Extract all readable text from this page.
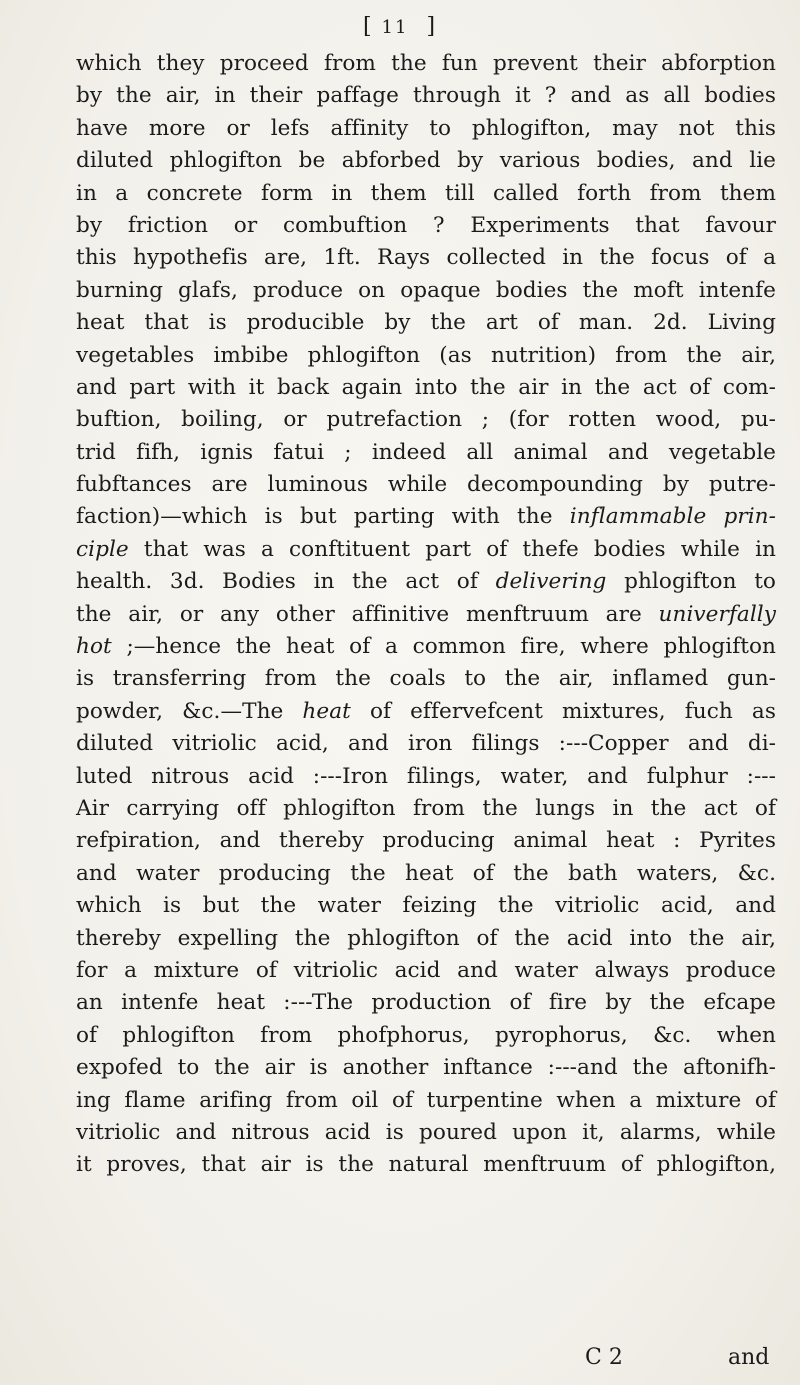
[ 11 ]
which they proceed from the fun prevent their abforption
by the air, in their paffage through it ? and as all bodies
have more or lefs affinity to phlogifton, may not this
diluted phlogifton be abforbed by various bodies, and lie
in a concrete form in them till called forth from them
by friction or combuftion ? Experiments that favour
this hypothefis are, 1ft. Rays collected in the focus of a
burning glafs, produce on opaque bodies the moft intenfe
heat that is producible by the art of man. 2d. Living
vegetables imbibe phlogifton (as nutrition) from the air,
and part with it back again into the air in the act of com-
buftion, boiling, or putrefaction ; (for rotten wood, pu-
trid fifh, ignis fatui ; indeed all animal and vegetable
fubftances are luminous while decompounding by putre-
faction)—which is but parting with the inflammable prin-
ciple that was a conftituent part of thefe bodies while in
health. 3d. Bodies in the act of delivering phlogifton to
the air, or any other affinitive menftruum are univerfally
hot ;—hence the heat of a common fire, where phlogifton
is transferring from the coals to the air, inflamed gun-
powder, &c.—The heat of effervefcent mixtures, fuch as
diluted vitriolic acid, and iron filings :---Copper and di-
luted nitrous acid :---Iron filings, water, and fulphur :---
Air carrying off phlogifton from the lungs in the act of
refpiration, and thereby producing animal heat : Pyrites
and water producing the heat of the bath waters, &c.
which is but the water feizing the vitriolic acid, and
thereby expelling the phlogifton of the acid into the air,
for a mixture of vitriolic acid and water always produce
an intenfe heat :---The production of fire by the efcape
of phlogifton from phofphorus, pyrophorus, &c. when
expofed to the air is another inftance :---and the aftonifh-
ing flame arifing from oil of turpentine when a mixture of
vitriolic and nitrous acid is poured upon it, alarms, while
it proves, that air is the natural menftruum of phlogifton,
C 2	and
